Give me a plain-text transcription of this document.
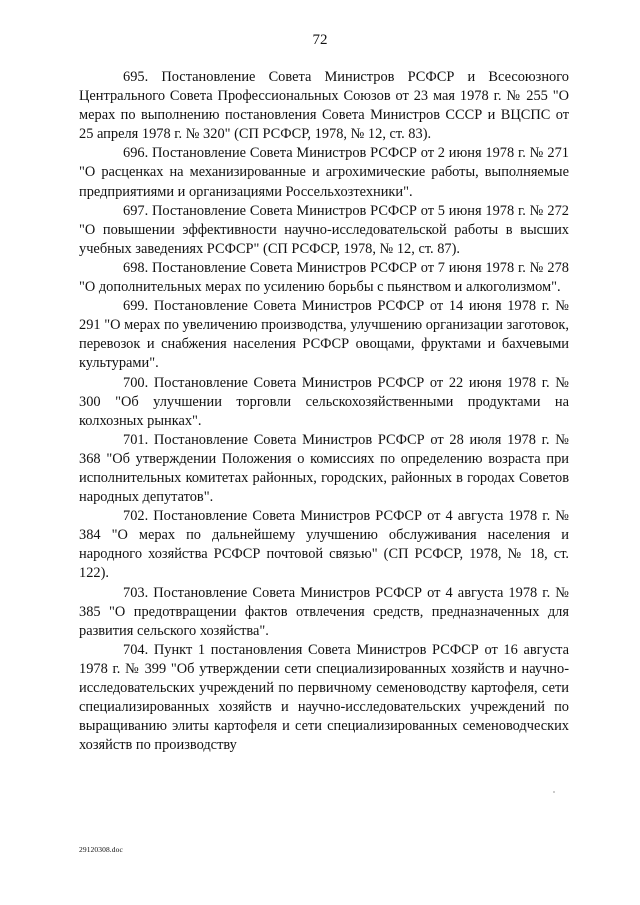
72

695. Постановление Совета Министров РСФСР и Всесоюзного Центрального Совета Профессиональных Союзов от 23 мая 1978 г. № 255 "О мерах по выполнению постановления Совета Министров СССР и ВЦСПС от 25 апреля 1978 г. № 320" (СП РСФСР, 1978, № 12, ст. 83).

696. Постановление Совета Министров РСФСР от 2 июня 1978 г. № 271 "О расценках на механизированные и агрохимические работы, выполняемые предприятиями и организациями Россельхозтехники".

697. Постановление Совета Министров РСФСР от 5 июня 1978 г. № 272 "О повышении эффективности научно-исследовательской работы в высших учебных заведениях РСФСР" (СП РСФСР, 1978, № 12, ст. 87).

698. Постановление Совета Министров РСФСР от 7 июня 1978 г. № 278 "О дополнительных мерах по усилению борьбы с пьянством и алкоголизмом".

699. Постановление Совета Министров РСФСР от 14 июня 1978 г. № 291 "О мерах по увеличению производства, улучшению организации заготовок, перевозок и снабжения населения РСФСР овощами, фруктами и бахчевыми культурами".

700. Постановление Совета Министров РСФСР от 22 июня 1978 г. № 300 "Об улучшении торговли сельскохозяйственными продуктами на колхозных рынках".

701. Постановление Совета Министров РСФСР от 28 июля 1978 г. № 368 "Об утверждении Положения о комиссиях по определению возраста при исполнительных комитетах районных, городских, районных в городах Советов народных депутатов".

702. Постановление Совета Министров РСФСР от 4 августа 1978 г. № 384 "О мерах по дальнейшему улучшению обслуживания населения и народного хозяйства РСФСР почтовой связью" (СП РСФСР, 1978, № 18, ст. 122).

703. Постановление Совета Министров РСФСР от 4 августа 1978 г. № 385 "О предотвращении фактов отвлечения средств, предназначенных для развития сельского хозяйства".

704. Пункт 1 постановления Совета Министров РСФСР от 16 августа 1978 г. № 399 "Об утверждении сети специализированных хозяйств и научно-исследовательских учреждений по первичному семеноводству картофеля, сети специализированных хозяйств и научно-исследовательских учреждений по выращиванию элиты картофеля и сети специализированных семеноводческих хозяйств по производству

29120308.doc
